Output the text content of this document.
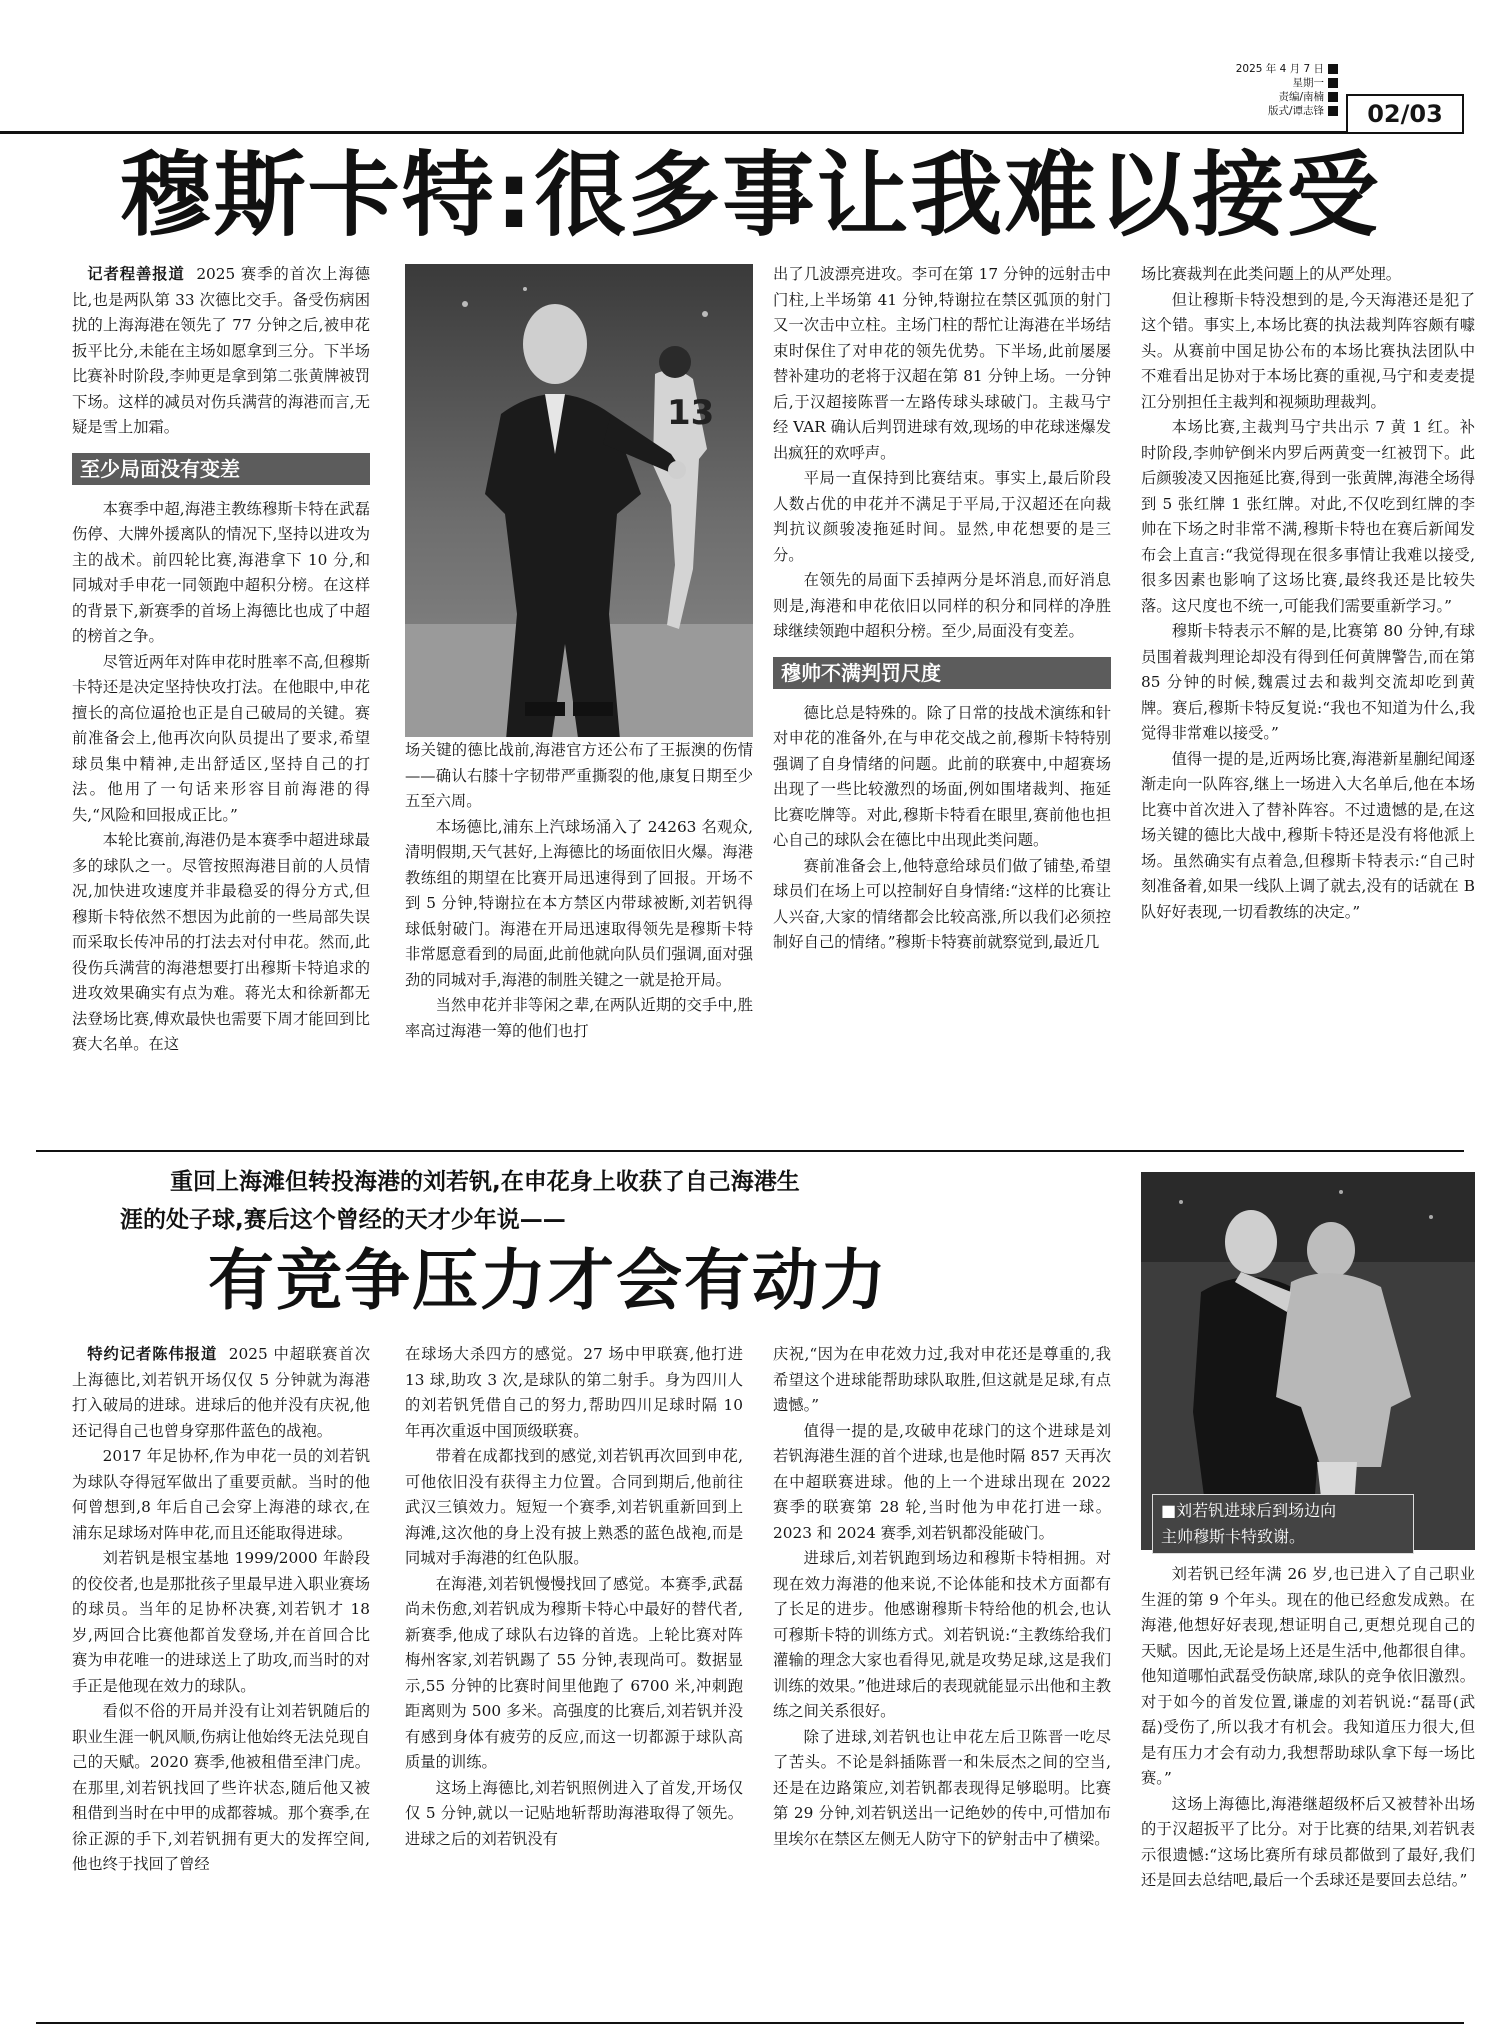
2025 年 4 月 7 日
星期一
责编/南楠
版式/谭志锋	02/03
穆斯卡特:很多事让我难以接受

记者程善报道 2025 赛季的首次上海德比,也是两队第 33 次德比交手。备受伤病困扰的上海海港在领先了 77 分钟之后,被申花扳平比分,未能在主场如愿拿到三分。下半场比赛补时阶段,李帅更是拿到第二张黄牌被罚下场。这样的减员对伤兵满营的海港而言,无疑是雪上加霜。

至少局面没有变差

本赛季中超,海港主教练穆斯卡特在武磊伤停、大牌外援离队的情况下,坚持以进攻为主的战术。前四轮比赛,海港拿下 10 分,和同城对手申花一同领跑中超积分榜。在这样的背景下,新赛季的首场上海德比也成了中超的榜首之争。

尽管近两年对阵申花时胜率不高,但穆斯卡特还是决定坚持快攻打法。在他眼中,申花擅长的高位逼抢也正是自己破局的关键。赛前准备会上,他再次向队员提出了要求,希望球员集中精神,走出舒适区,坚持自己的打法。他用了一句话来形容目前海港的得失,“风险和回报成正比。”

本轮比赛前,海港仍是本赛季中超进球最多的球队之一。尽管按照海港目前的人员情况,加快进攻速度并非最稳妥的得分方式,但穆斯卡特依然不想因为此前的一些局部失误而采取长传冲吊的打法去对付申花。然而,此役伤兵满营的海港想要打出穆斯卡特追求的进攻效果确实有点为难。蒋光太和徐新都无法登场比赛,傅欢最快也需要下周才能回到比赛大名单。在这

13

场关键的德比战前,海港官方还公布了王振澳的伤情——确认右膝十字韧带严重撕裂的他,康复日期至少五至六周。

本场德比,浦东上汽球场涌入了 24263 名观众,清明假期,天气甚好,上海德比的场面依旧火爆。海港教练组的期望在比赛开局迅速得到了回报。开场不到 5 分钟,特谢拉在本方禁区内带球被断,刘若钒得球低射破门。海港在开局迅速取得领先是穆斯卡特非常愿意看到的局面,此前他就向队员们强调,面对强劲的同城对手,海港的制胜关键之一就是抢开局。

当然申花并非等闲之辈,在两队近期的交手中,胜率高过海港一筹的他们也打

出了几波漂亮进攻。李可在第 17 分钟的远射击中门柱,上半场第 41 分钟,特谢拉在禁区弧顶的射门又一次击中立柱。主场门柱的帮忙让海港在半场结束时保住了对申花的领先优势。下半场,此前屡屡替补建功的老将于汉超在第 81 分钟上场。一分钟后,于汉超接陈晋一左路传球头球破门。主裁马宁经 VAR 确认后判罚进球有效,现场的申花球迷爆发出疯狂的欢呼声。

平局一直保持到比赛结束。事实上,最后阶段人数占优的申花并不满足于平局,于汉超还在向裁判抗议颜骏凌拖延时间。显然,申花想要的是三分。

在领先的局面下丢掉两分是坏消息,而好消息则是,海港和申花依旧以同样的积分和同样的净胜球继续领跑中超积分榜。至少,局面没有变差。

穆帅不满判罚尺度

德比总是特殊的。除了日常的技战术演练和针对申花的准备外,在与申花交战之前,穆斯卡特特别强调了自身情绪的问题。此前的联赛中,中超赛场出现了一些比较激烈的场面,例如围堵裁判、拖延比赛吃牌等。对此,穆斯卡特看在眼里,赛前他也担心自己的球队会在德比中出现此类问题。

赛前准备会上,他特意给球员们做了铺垫,希望球员们在场上可以控制好自身情绪:“这样的比赛让人兴奋,大家的情绪都会比较高涨,所以我们必须控制好自己的情绪。”穆斯卡特赛前就察觉到,最近几

场比赛裁判在此类问题上的从严处理。

但让穆斯卡特没想到的是,今天海港还是犯了这个错。事实上,本场比赛的执法裁判阵容颇有噱头。从赛前中国足协公布的本场比赛执法团队中不难看出足协对于本场比赛的重视,马宁和麦麦提江分别担任主裁判和视频助理裁判。

本场比赛,主裁判马宁共出示 7 黄 1 红。补时阶段,李帅铲倒米内罗后两黄变一红被罚下。此后颜骏凌又因拖延比赛,得到一张黄牌,海港全场得到 5 张红牌 1 张红牌。对此,不仅吃到红牌的李帅在下场之时非常不满,穆斯卡特也在赛后新闻发布会上直言:“我觉得现在很多事情让我难以接受,很多因素也影响了这场比赛,最终我还是比较失落。这尺度也不统一,可能我们需要重新学习。”

穆斯卡特表示不解的是,比赛第 80 分钟,有球员围着裁判理论却没有得到任何黄牌警告,而在第 85 分钟的时候,魏震过去和裁判交流却吃到黄牌。赛后,穆斯卡特反复说:“我也不知道为什么,我觉得非常难以接受。”

值得一提的是,近两场比赛,海港新星蒯纪闻逐渐走向一队阵容,继上一场进入大名单后,他在本场比赛中首次进入了替补阵容。不过遗憾的是,在这场关键的德比大战中,穆斯卡特还是没有将他派上场。虽然确实有点着急,但穆斯卡特表示:“自己时刻准备着,如果一线队上调了就去,没有的话就在 B 队好好表现,一切看教练的决定。”

重回上海滩但转投海港的刘若钒,在申花身上收获了自己海港生
涯的处子球,赛后这个曾经的天才少年说——
有竞争压力才会有动力
■刘若钒进球后到场边向
主帅穆斯卡特致谢。

特约记者陈伟报道 2025 中超联赛首次上海德比,刘若钒开场仅仅 5 分钟就为海港打入破局的进球。进球后的他并没有庆祝,他还记得自己也曾身穿那件蓝色的战袍。

2017 年足协杯,作为申花一员的刘若钒为球队夺得冠军做出了重要贡献。当时的他何曾想到,8 年后自己会穿上海港的球衣,在浦东足球场对阵申花,而且还能取得进球。

刘若钒是根宝基地 1999/2000 年龄段的佼佼者,也是那批孩子里最早进入职业赛场的球员。当年的足协杯决赛,刘若钒才 18 岁,两回合比赛他都首发登场,并在首回合比赛为申花唯一的进球送上了助攻,而当时的对手正是他现在效力的球队。

看似不俗的开局并没有让刘若钒随后的职业生涯一帆风顺,伤病让他始终无法兑现自己的天赋。2020 赛季,他被租借至津门虎。在那里,刘若钒找回了些许状态,随后他又被租借到当时在中甲的成都蓉城。那个赛季,在徐正源的手下,刘若钒拥有更大的发挥空间,他也终于找回了曾经

在球场大杀四方的感觉。27 场中甲联赛,他打进 13 球,助攻 3 次,是球队的第二射手。身为四川人的刘若钒凭借自己的努力,帮助四川足球时隔 10 年再次重返中国顶级联赛。

带着在成都找到的感觉,刘若钒再次回到申花,可他依旧没有获得主力位置。合同到期后,他前往武汉三镇效力。短短一个赛季,刘若钒重新回到上海滩,这次他的身上没有披上熟悉的蓝色战袍,而是同城对手海港的红色队服。

在海港,刘若钒慢慢找回了感觉。本赛季,武磊尚未伤愈,刘若钒成为穆斯卡特心中最好的替代者,新赛季,他成了球队右边锋的首选。上轮比赛对阵梅州客家,刘若钒踢了 55 分钟,表现尚可。数据显示,55 分钟的比赛时间里他跑了 6700 米,冲刺跑距离则为 500 多米。高强度的比赛后,刘若钒并没有感到身体有疲劳的反应,而这一切都源于球队高质量的训练。

这场上海德比,刘若钒照例进入了首发,开场仅仅 5 分钟,就以一记贴地斩帮助海港取得了领先。进球之后的刘若钒没有

庆祝,“因为在申花效力过,我对申花还是尊重的,我希望这个进球能帮助球队取胜,但这就是足球,有点遗憾。”

值得一提的是,攻破申花球门的这个进球是刘若钒海港生涯的首个进球,也是他时隔 857 天再次在中超联赛进球。他的上一个进球出现在 2022 赛季的联赛第 28 轮,当时他为申花打进一球。2023 和 2024 赛季,刘若钒都没能破门。

进球后,刘若钒跑到场边和穆斯卡特相拥。对现在效力海港的他来说,不论体能和技术方面都有了长足的进步。他感谢穆斯卡特给他的机会,也认可穆斯卡特的训练方式。刘若钒说:“主教练给我们灌输的理念大家也看得见,就是攻势足球,这是我们训练的效果。”他进球后的表现就能显示出他和主教练之间关系很好。

除了进球,刘若钒也让申花左后卫陈晋一吃尽了苦头。不论是斜插陈晋一和朱辰杰之间的空当,还是在边路策应,刘若钒都表现得足够聪明。比赛第 29 分钟,刘若钒送出一记绝妙的传中,可惜加布里埃尔在禁区左侧无人防守下的铲射击中了横梁。

刘若钒已经年满 26 岁,也已进入了自己职业生涯的第 9 个年头。现在的他已经愈发成熟。在海港,他想好好表现,想证明自己,更想兑现自己的天赋。因此,无论是场上还是生活中,他都很自律。他知道哪怕武磊受伤缺席,球队的竞争依旧激烈。对于如今的首发位置,谦虚的刘若钒说:“磊哥(武磊)受伤了,所以我才有机会。我知道压力很大,但是有压力才会有动力,我想帮助球队拿下每一场比赛。”

这场上海德比,海港继超级杯后又被替补出场的于汉超扳平了比分。对于比赛的结果,刘若钒表示很遗憾:“这场比赛所有球员都做到了最好,我们还是回去总结吧,最后一个丢球还是要回去总结。”
